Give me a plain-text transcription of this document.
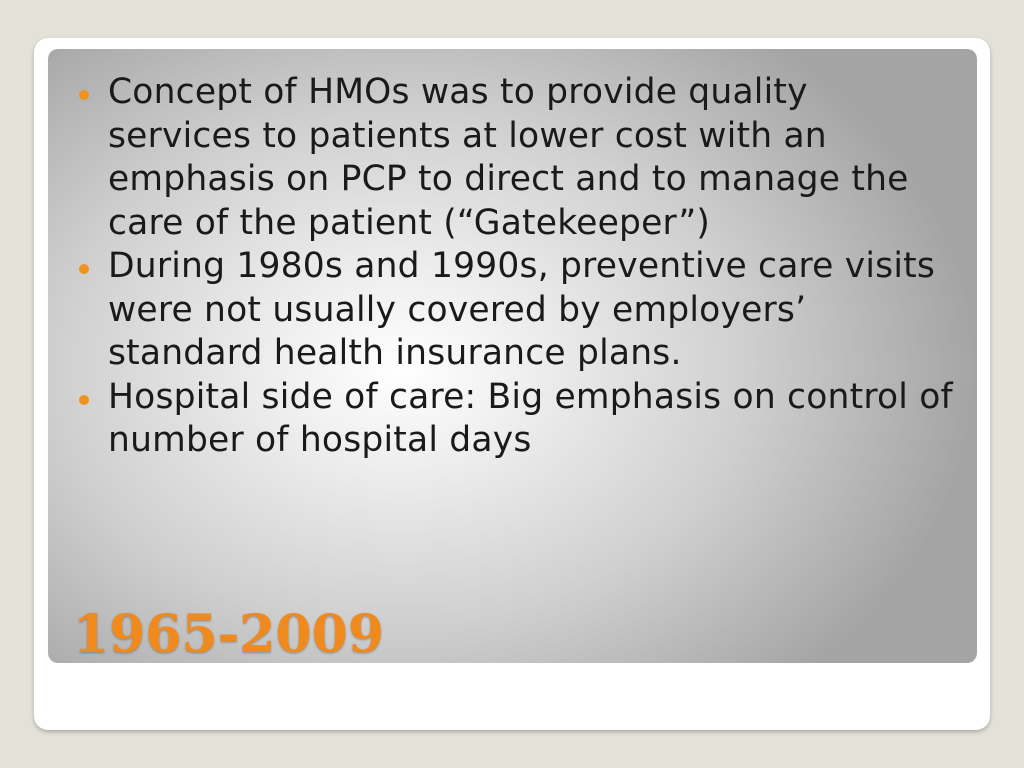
Concept of HMOs was to provide quality services to patients at lower cost with an emphasis on PCP to direct and to manage the care of the patient (“Gatekeeper”)
During 1980s and 1990s, preventive care visits were not usually covered by employers’ standard health insurance plans.
Hospital side of care: Big emphasis on control of number of hospital days
1965-2009
